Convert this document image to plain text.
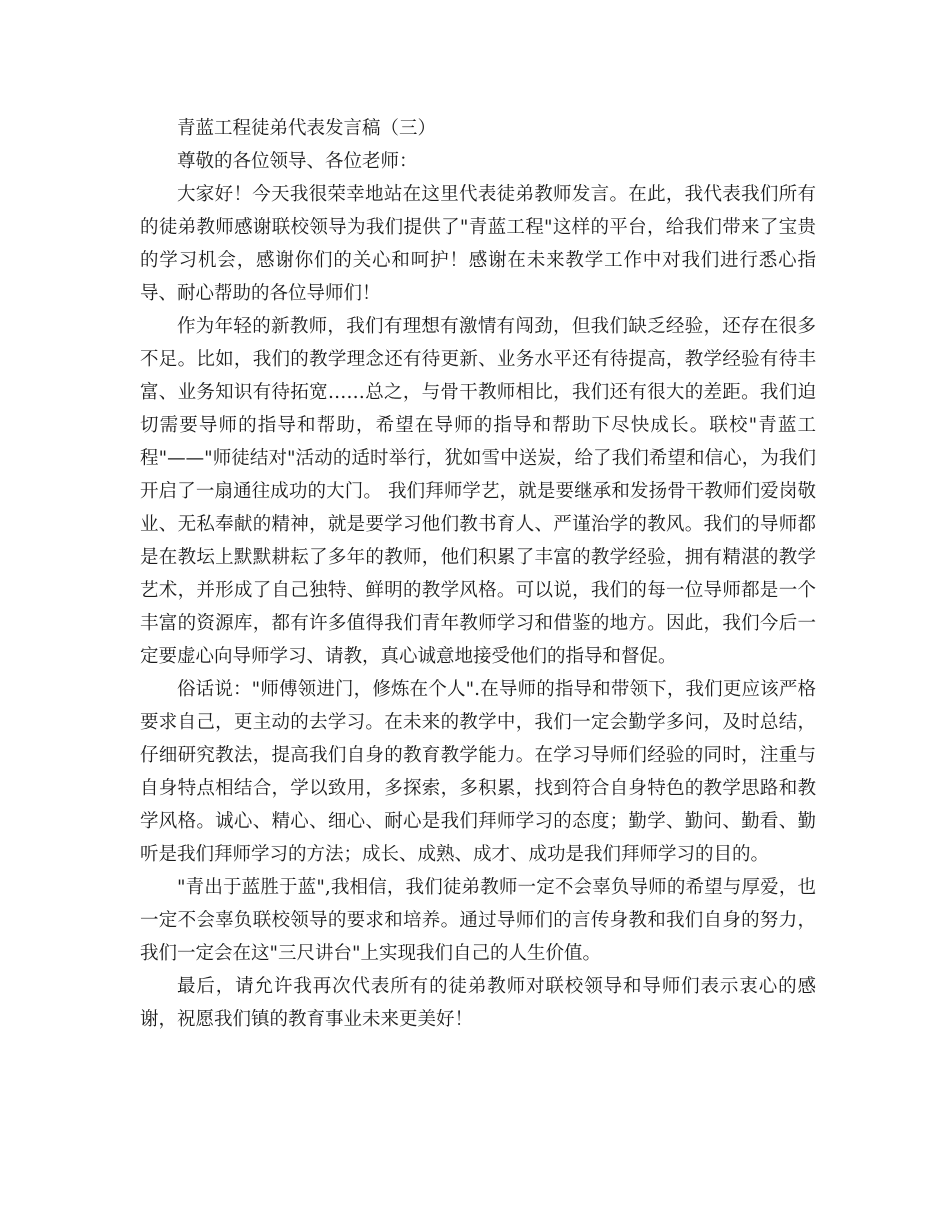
青蓝工程徒弟代表发言稿（三）

尊敬的各位领导、各位老师：

大家好！今天我很荣幸地站在这里代表徒弟教师发言。在此，我代表我们所有的徒弟教师感谢联校领导为我们提供了"青蓝工程"这样的平台，给我们带来了宝贵的学习机会，感谢你们的关心和呵护！感谢在未来教学工作中对我们进行悉心指导、耐心帮助的各位导师们！

作为年轻的新教师，我们有理想有激情有闯劲，但我们缺乏经验，还存在很多不足。比如，我们的教学理念还有待更新、业务水平还有待提高，教学经验有待丰富、业务知识有待拓宽……总之，与骨干教师相比，我们还有很大的差距。我们迫切需要导师的指导和帮助，希望在导师的指导和帮助下尽快成长。联校"青蓝工程"——"师徒结对"活动的适时举行，犹如雪中送炭，给了我们希望和信心，为我们开启了一扇通往成功的大门。 我们拜师学艺，就是要继承和发扬骨干教师们爱岗敬业、无私奉献的精神，就是要学习他们教书育人、严谨治学的教风。我们的导师都是在教坛上默默耕耘了多年的教师，他们积累了丰富的教学经验，拥有精湛的教学艺术，并形成了自己独特、鲜明的教学风格。可以说，我们的每一位导师都是一个丰富的资源库，都有许多值得我们青年教师学习和借鉴的地方。因此，我们今后一定要虚心向导师学习、请教，真心诚意地接受他们的指导和督促。

俗话说："师傅领进门，修炼在个人".在导师的指导和带领下，我们更应该严格要求自己，更主动的去学习。在未来的教学中，我们一定会勤学多问，及时总结，仔细研究教法，提高我们自身的教育教学能力。在学习导师们经验的同时，注重与自身特点相结合，学以致用，多探索，多积累，找到符合自身特色的教学思路和教学风格。诚心、精心、细心、耐心是我们拜师学习的态度；勤学、勤问、勤看、勤听是我们拜师学习的方法；成长、成熟、成才、成功是我们拜师学习的目的。

"青出于蓝胜于蓝",我相信，我们徒弟教师一定不会辜负导师的希望与厚爱，也一定不会辜负联校领导的要求和培养。通过导师们的言传身教和我们自身的努力，我们一定会在这"三尺讲台"上实现我们自己的人生价值。

最后，请允许我再次代表所有的徒弟教师对联校领导和导师们表示衷心的感谢，祝愿我们镇的教育事业未来更美好！
